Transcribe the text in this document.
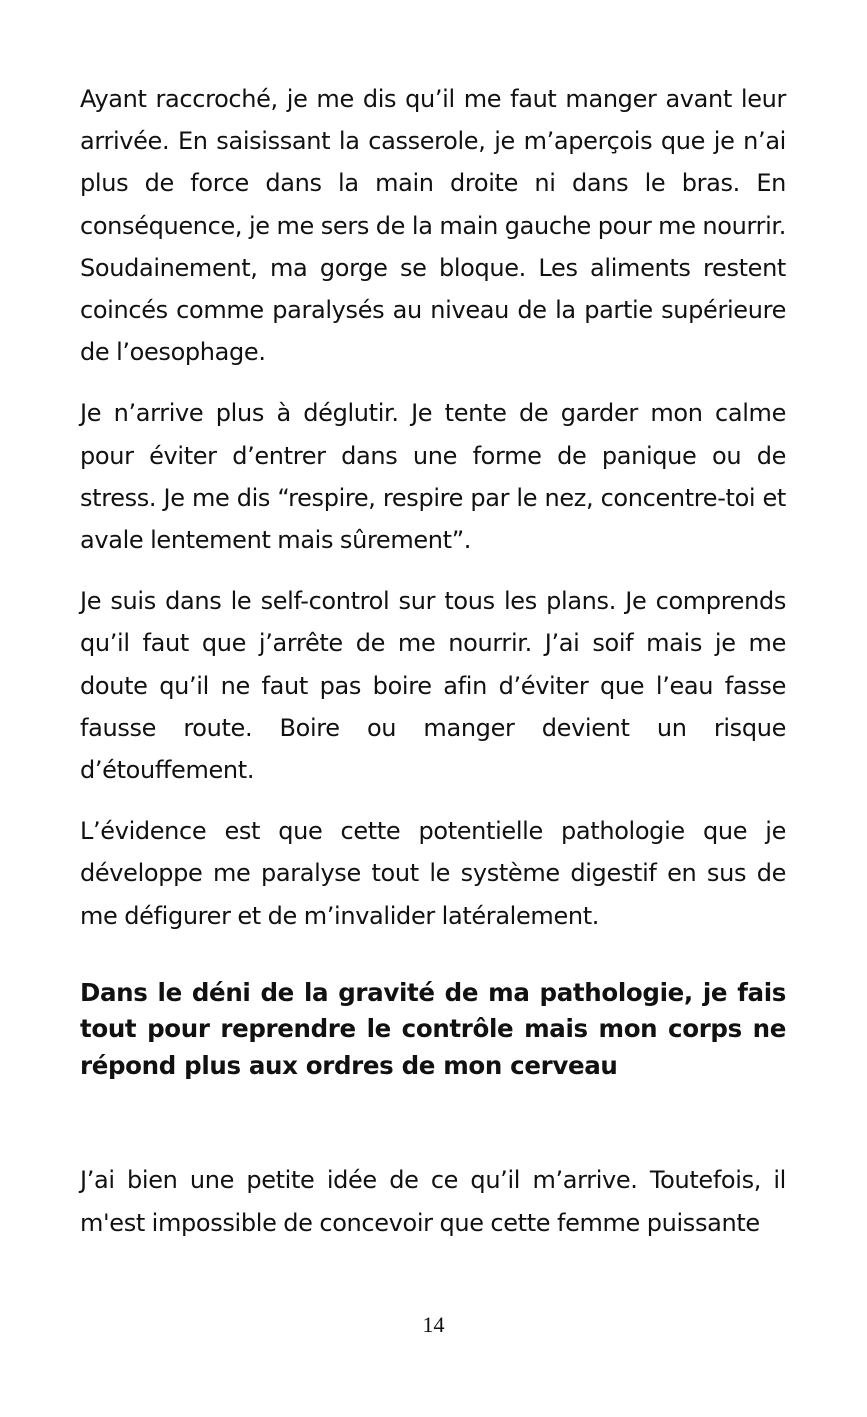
Ayant raccroché, je me dis qu’il me faut manger avant leur arrivée. En saisissant la casserole, je m’aperçois que je n’ai plus de force dans la main droite ni dans le bras. En conséquence, je me sers de la main gauche pour me nourrir. Soudainement, ma gorge se bloque. Les aliments restent coincés comme paralysés au niveau de la partie supérieure de l’oesophage.

Je n’arrive plus à déglutir. Je tente de garder mon calme pour éviter d’entrer dans une forme de panique ou de stress. Je me dis “respire, respire par le nez, concentre-toi et avale lentement mais sûrement”.

Je suis dans le self-control sur tous les plans. Je comprends qu’il faut que j’arrête de me nourrir. J’ai soif mais je me doute qu’il ne faut pas boire afin d’éviter que l’eau fasse fausse route. Boire ou manger devient un risque d’étouffement.

L’évidence est que cette potentielle pathologie que je développe me paralyse tout le système digestif en sus de me défigurer et de m’invalider latéralement.

Dans le déni de la gravité de ma pathologie, je fais tout pour reprendre le contrôle mais mon corps ne répond plus aux ordres de mon cerveau

J’ai bien une petite idée de ce qu’il m’arrive. Toutefois, il m'est impossible de concevoir que cette femme puissante

14
